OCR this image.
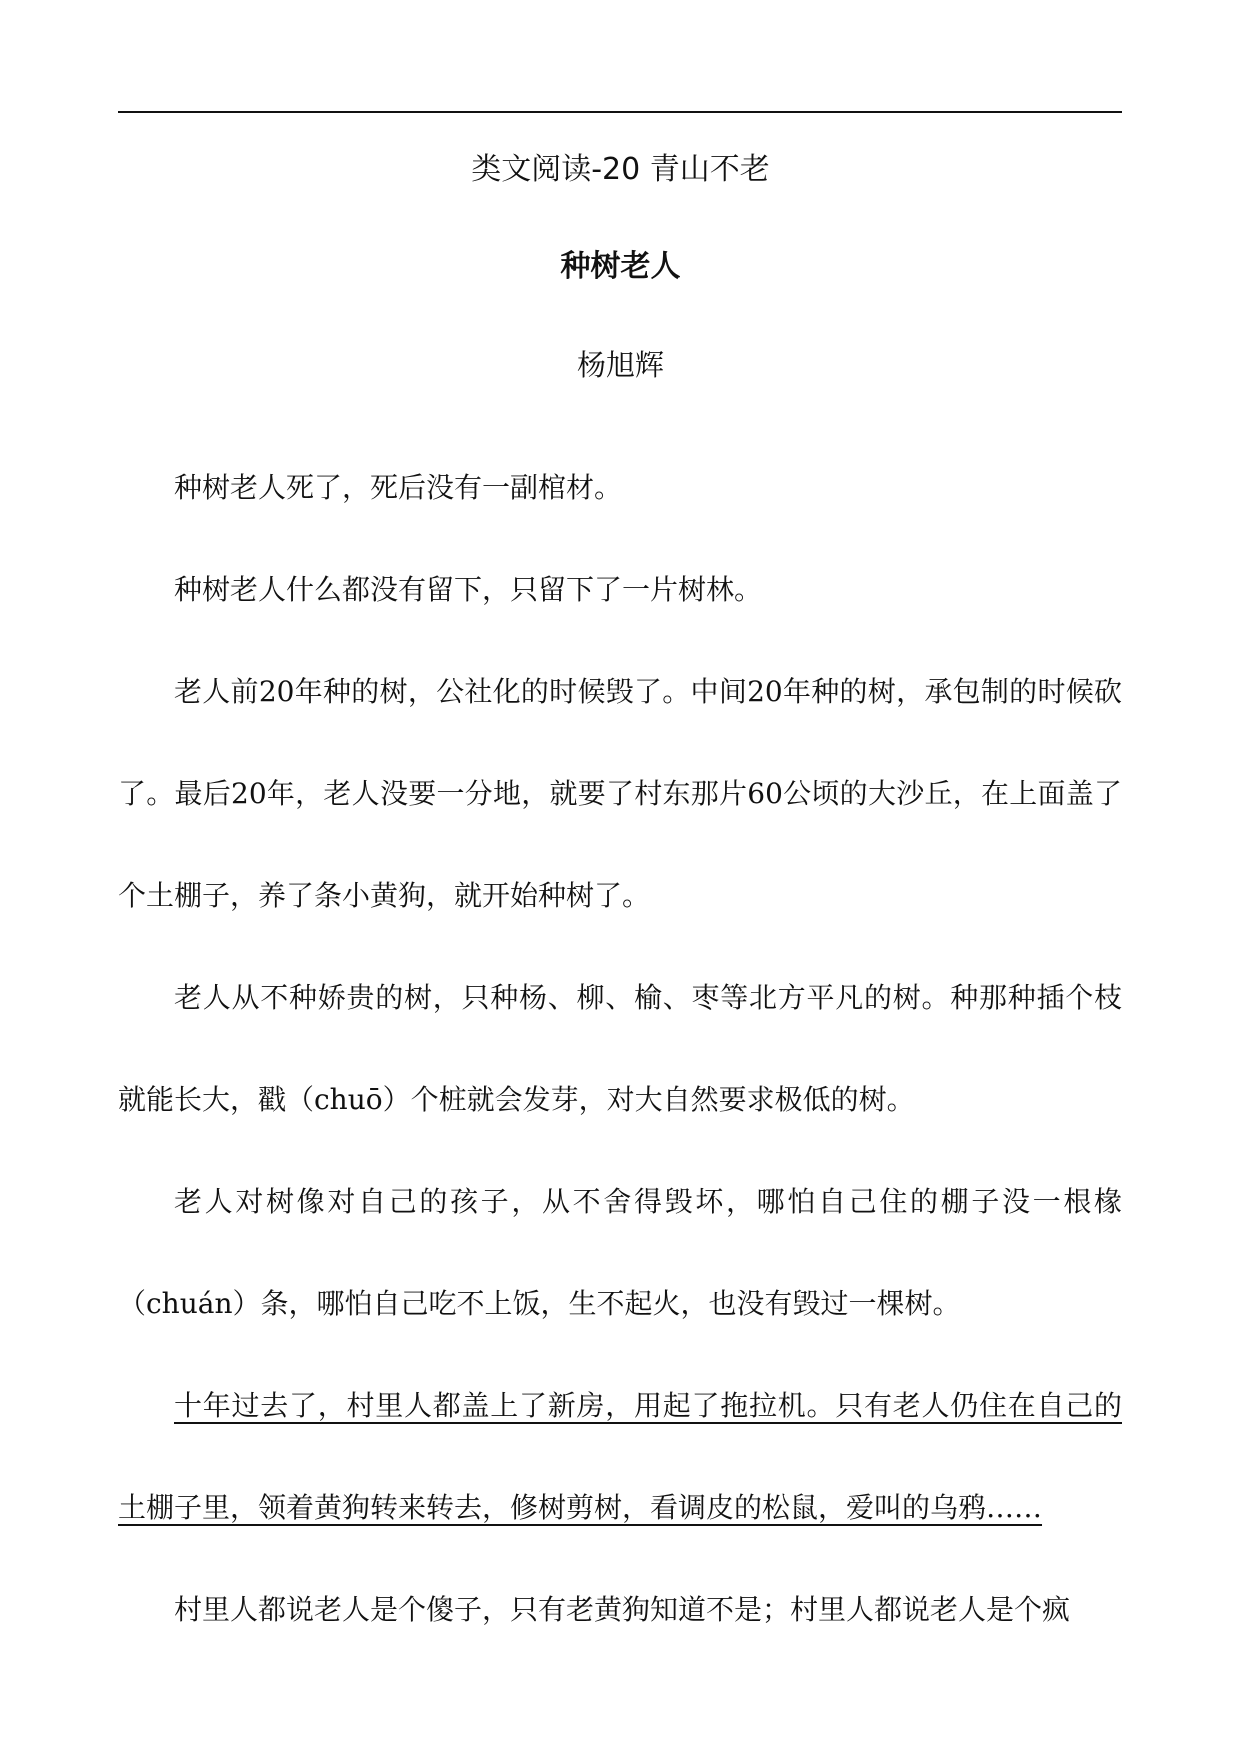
类文阅读-20 青山不老
种树老人
杨旭辉

种树老人死了，死后没有一副棺材。

种树老人什么都没有留下，只留下了一片树林。

老人前20年种的树，公社化的时候毁了。中间20年种的树，承包制的时候砍了。最后20年，老人没要一分地，就要了村东那片60公顷的大沙丘，在上面盖了个土棚子，养了条小黄狗，就开始种树了。

老人从不种娇贵的树，只种杨、柳、榆、枣等北方平凡的树。种那种插个枝就能长大，戳（chuō）个桩就会发芽，对大自然要求极低的树。

老人对树像对自己的孩子，从不舍得毁坏，哪怕自己住的棚子没一根椽（chuán）条，哪怕自己吃不上饭，生不起火，也没有毁过一棵树。

十年过去了，村里人都盖上了新房，用起了拖拉机。只有老人仍住在自己的土棚子里，领着黄狗转来转去，修树剪树，看调皮的松鼠，爱叫的乌鸦……

村里人都说老人是个傻子，只有老黄狗知道不是；村里人都说老人是个疯
